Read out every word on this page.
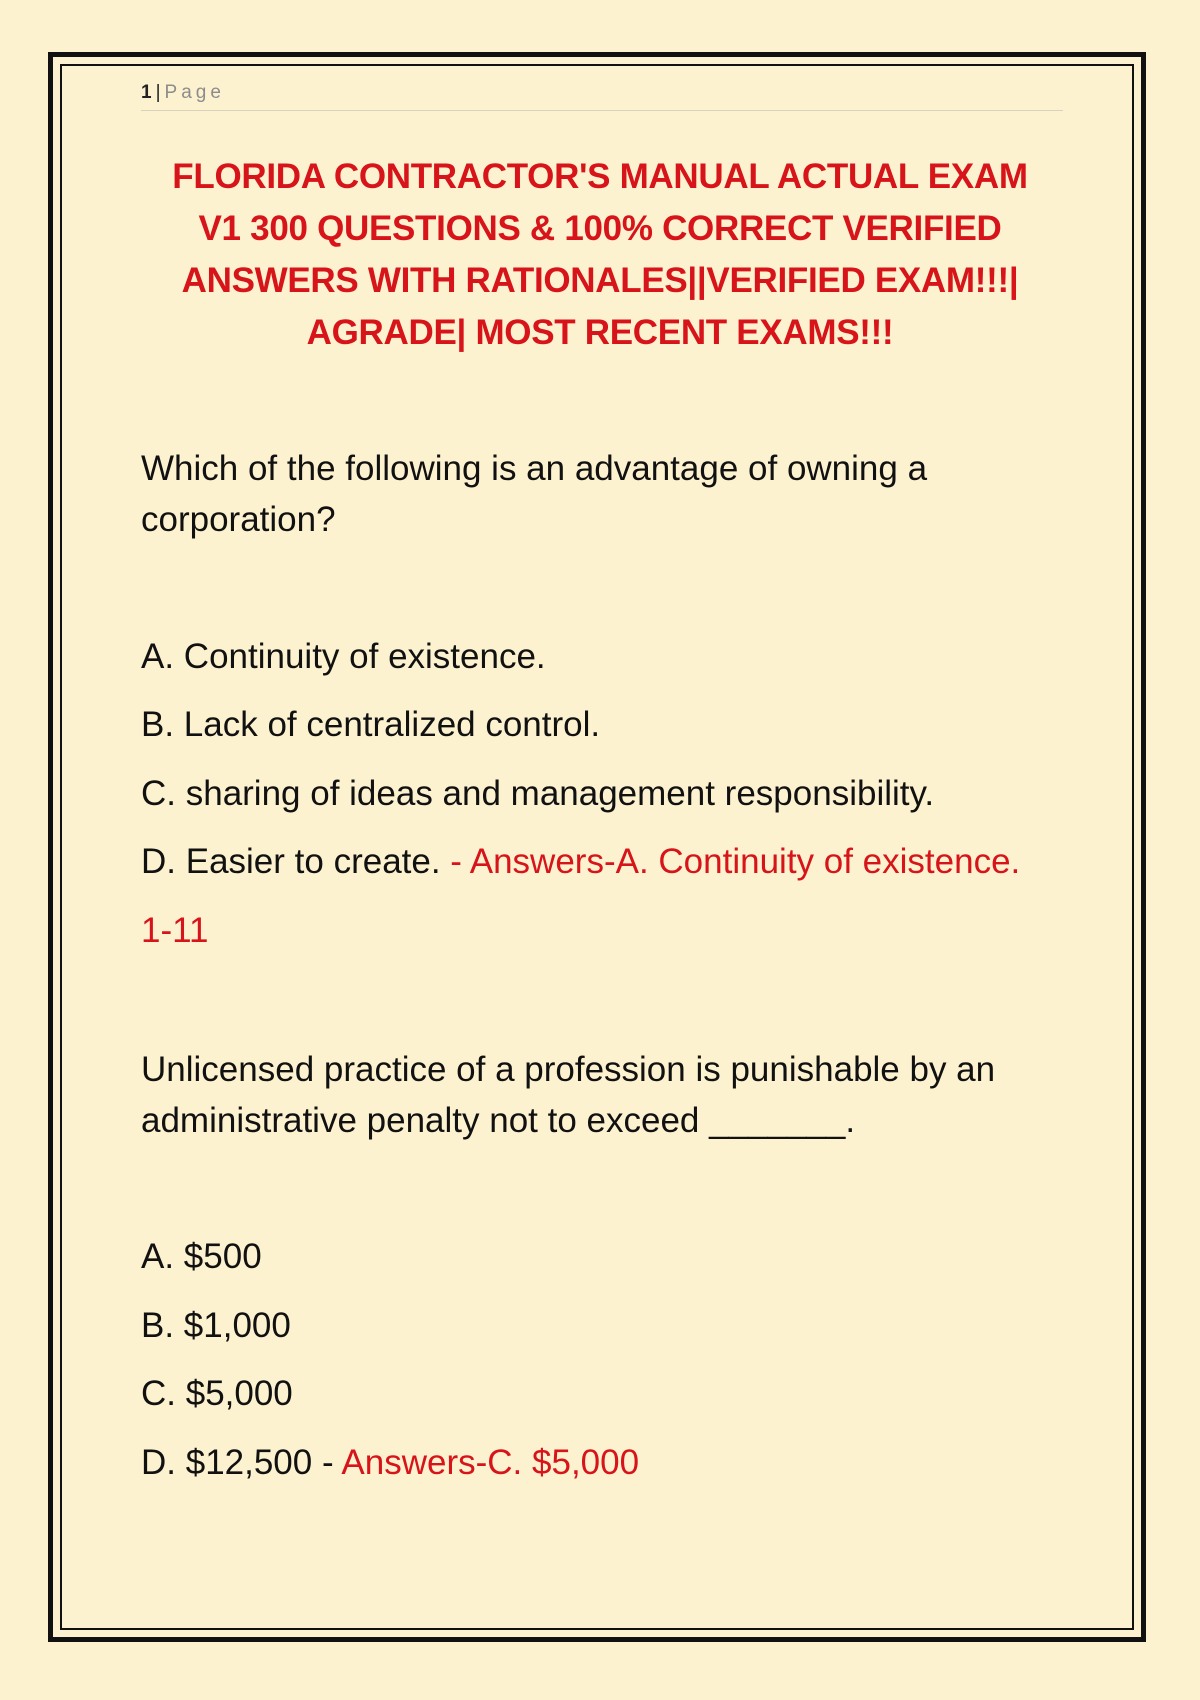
1 | Page
FLORIDA CONTRACTOR'S MANUAL ACTUAL EXAM
V1 300 QUESTIONS & 100% CORRECT VERIFIED
ANSWERS WITH RATIONALES||VERIFIED EXAM!!!|
AGRADE| MOST RECENT EXAMS!!!
Which of the following is an advantage of owning a
corporation?
A. Continuity of existence.
B. Lack of centralized control.
C. sharing of ideas and management responsibility.
D. Easier to create. - Answers-A. Continuity of existence.
1-11
Unlicensed practice of a profession is punishable by an
administrative penalty not to exceed _______.
A. $500
B. $1,000
C. $5,000
D. $12,500 - Answers-C. $5,000
